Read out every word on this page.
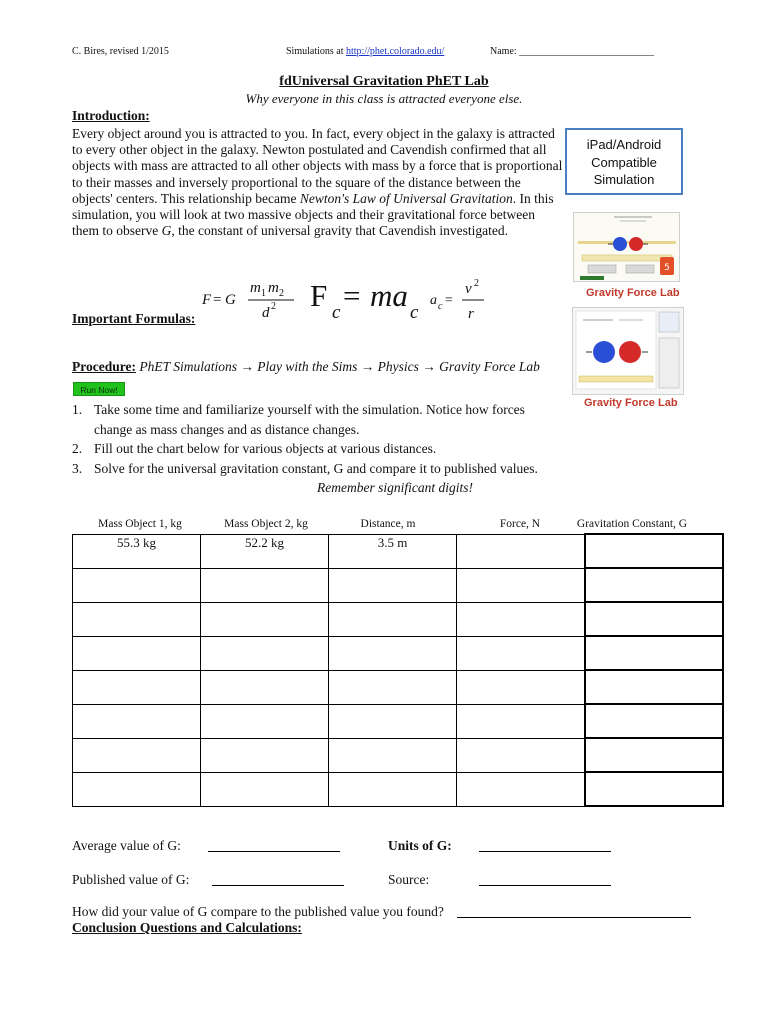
C. Bires, revised 1/2015	Simulations at http://phet.colorado.edu/	Name: ___________________________
fdUniversal Gravitation PhET Lab
Why everyone in this class is attracted everyone else.
Introduction:
Every object around you is attracted to you. In fact, every object in the galaxy is attracted to every other object in the galaxy. Newton postulated and Cavendish confirmed that all objects with mass are attracted to all other objects with mass by a force that is proportional to their masses and inversely proportional to the square of the distance between the objects' centers. This relationship became Newton's Law of Universal Gravitation. In this simulation, you will look at two massive objects and their gravitational force between them to observe G, the constant of universal gravity that Cavendish investigated.
iPad/Android
Compatible
Simulation
5
Gravity Force Lab
Gravity Force Lab
F = G
m 1 m 2
d 2 F c = ma c
a c =
v 2
r
Important Formulas:
Procedure: PhET Simulations → Play with the Sims → Physics → Gravity Force Lab
Run Now!
1. Take some time and familiarize yourself with the simulation. Notice how forces
change as mass changes and as distance changes.
2. Fill out the chart below for various objects at various distances.
3. Solve for the universal gravitation constant, G and compare it to published values.
Remember significant digits!
Mass Object 1, kg	Mass Object 2, kg	Distance, m	Force, N	Gravitation Constant, G
55.3 kg	52.2 kg	3.5 m		

Average value of G:	Units of G:
Published value of G:	Source:
How did your value of G compare to the published value you found?
Conclusion Questions and Calculations:
